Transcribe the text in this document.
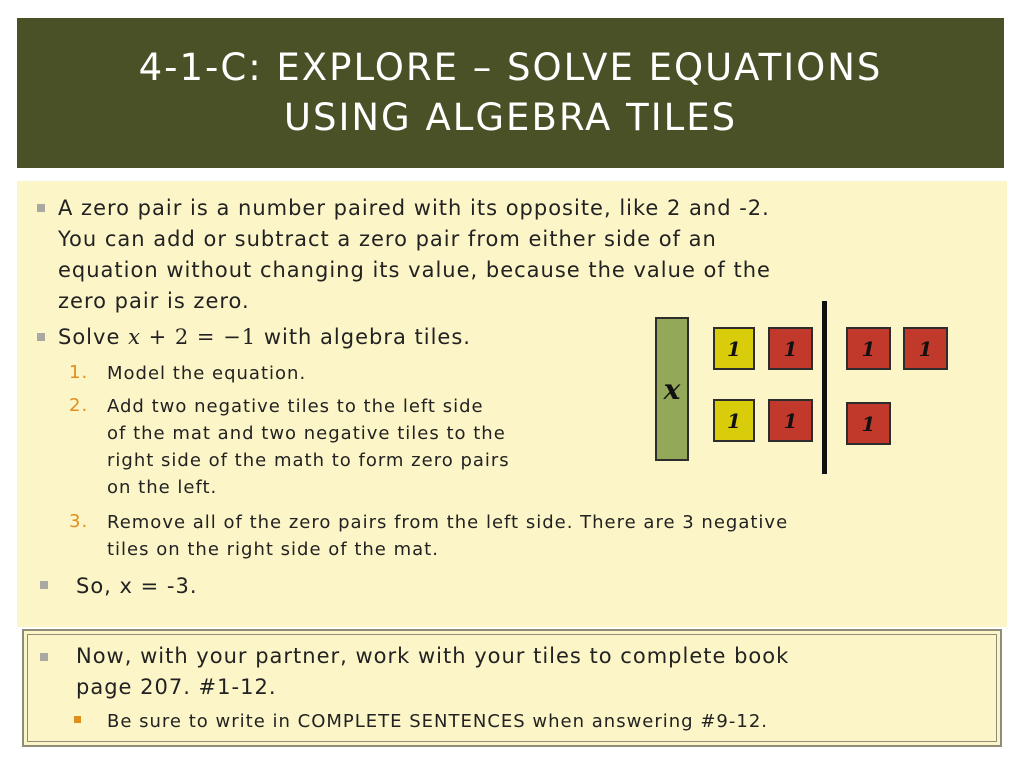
4-1-C: EXPLORE – SOLVE EQUATIONS
USING ALGEBRA TILES
A zero pair is a number paired with its opposite, like 2 and -2.
You can add or subtract a zero pair from either side of an
equation without changing its value, because the value of the
zero pair is zero.
Solve x + 2 = −1 with algebra tiles.
1. Model the equation.
2. Add two negative tiles to the left side
of the mat and two negative tiles to the
right side of the math to form zero pairs
on the left.
3. Remove all of the zero pairs from the left side. There are 3 negative
tiles on the right side of the mat.
So, x = -3.
x
1	1
1	1
1	1
1
Now, with your partner, work with your tiles to complete book
page 207. #1-12.
Be sure to write in COMPLETE SENTENCES when answering #9-12.
